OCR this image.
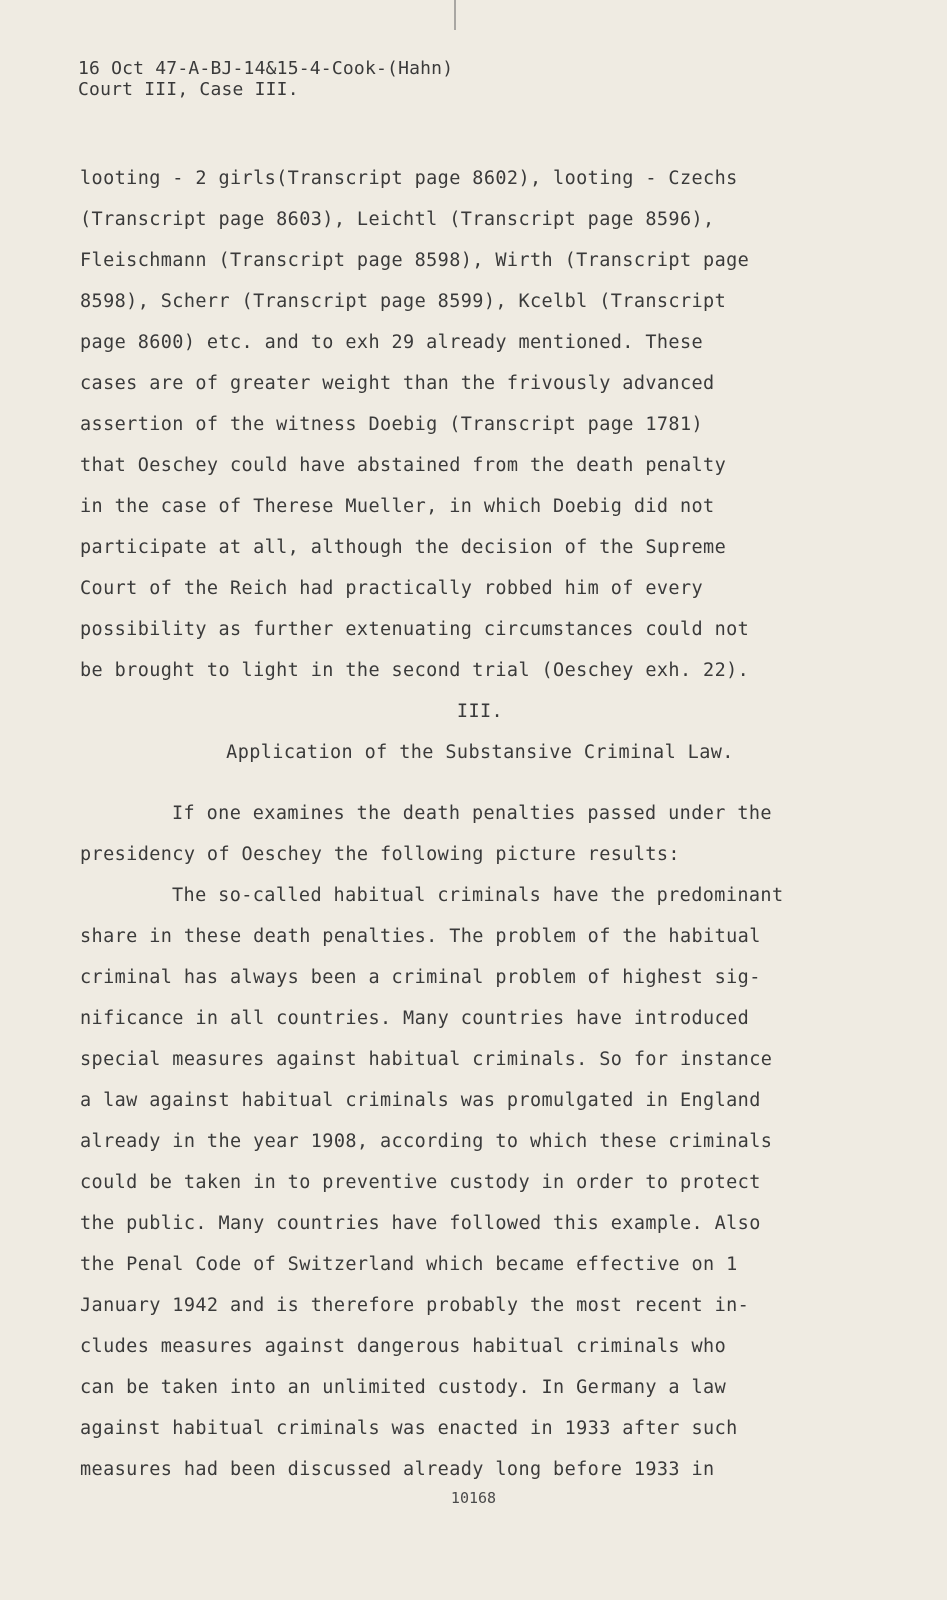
16 Oct 47-A-BJ-14&15-4-Cook-(Hahn)
Court III, Case III.
looting - 2 girls(Transcript page 8602), looting - Czechs
(Transcript page 8603), Leichtl (Transcript page 8596),
Fleischmann (Transcript page 8598), Wirth (Transcript page
8598), Scherr (Transcript page 8599), Kcelbl (Transcript
page 8600) etc. and to exh 29 already mentioned. These
cases are of greater weight than the frivously advanced
assertion of the witness Doebig (Transcript page 1781)
that Oeschey could have abstained from the death penalty
in the case of Therese Mueller, in which Doebig did not
participate at all, although the decision of the Supreme
Court of the Reich had practically robbed him of every
possibility as further extenuating circumstances could not
be brought to light in the second trial (Oeschey exh. 22).
III.
Application of the Substansive Criminal Law.
If one examines the death penalties passed under the
presidency of Oeschey the following picture results:
The so-called habitual criminals have the predominant
share in these death penalties. The problem of the habitual
criminal has always been a criminal problem of highest sig-
nificance in all countries. Many countries have introduced
special measures against habitual criminals. So for instance
a law against habitual criminals was promulgated in England
already in the year 1908, according to which these criminals
could be taken in to preventive custody in order to protect
the public. Many countries have followed this example. Also
the Penal Code of Switzerland which became effective on 1
January 1942 and is therefore probably the most recent in-
cludes measures against dangerous habitual criminals who
can be taken into an unlimited custody. In Germany a law
against habitual criminals was enacted in 1933 after such
measures had been discussed already long before 1933 in
10168
